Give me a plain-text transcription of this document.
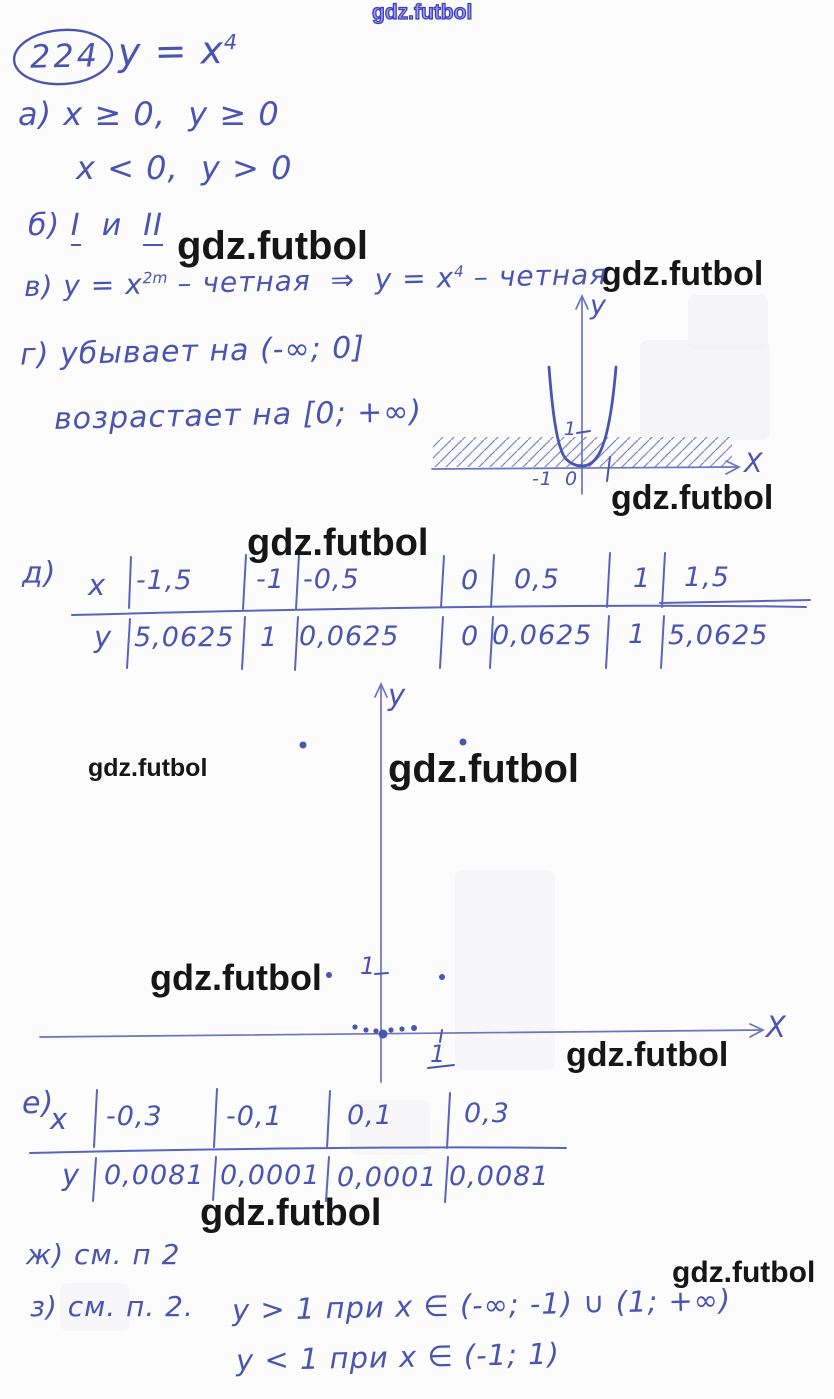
gdz.futbol
gdz.futbol
gdz.futbol
gdz.futbol
gdz.futbol
gdz.futbol	gdz.futbol
gdz.futbol
gdz.futbol
gdz.futbol
gdz.futbol
224 $у = х^4$
а) х ≥ 0,  у ≥ 0
х < 0,  у > 0
б) I и II
в) $у = х^{2m}$ – четная  ⇒  $у = х^4$ – четная
г) убывает на (-∞; 0]
возрастает на [0; +∞)
y
X
1
-1 0
д) х -1,5 -1 -0,5	0 0,5	1 1,5
у 5,0625 1 0,0625 0 0,0625 1 5,0625
y
X
1
1
е)
х -0,3 -0,1 0,1	0,3
у 0,0081 0,0001 0,0001 0,0081
ж) см. п 2
з) см. п. 2. у > 1 при х ∈ (-∞; -1) ∪ (1; +∞)
у < 1 при х ∈ (-1; 1)
